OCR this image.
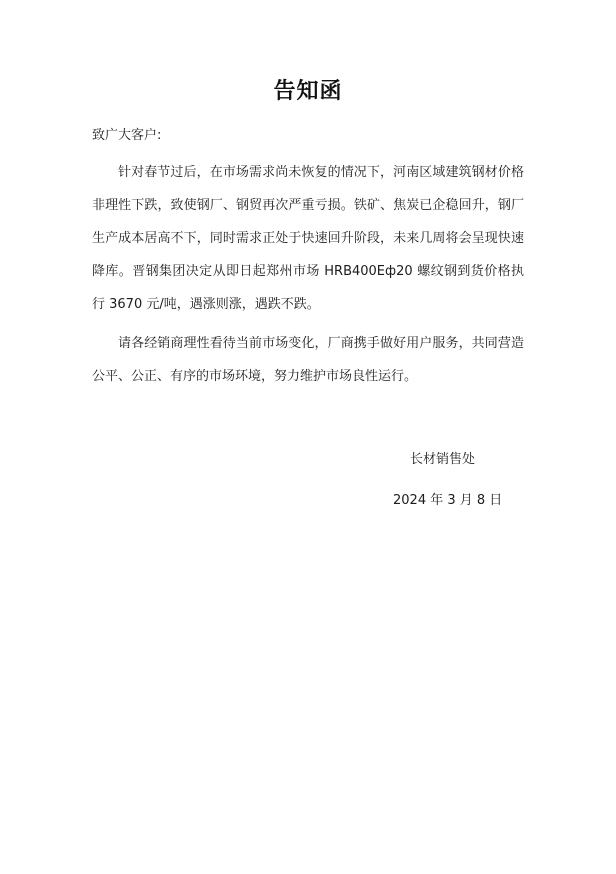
告知函
致广大客户:

针对春节过后，在市场需求尚未恢复的情况下，河南区域建筑钢材价格非理性下跌，致使钢厂、钢贸再次严重亏损。铁矿、焦炭已企稳回升，钢厂生产成本居高不下，同时需求正处于快速回升阶段，未来几周将会呈现快速降库。晋钢集团决定从即日起郑州市场 HRB400Eф20 螺纹钢到货价格执行 3670 元/吨，遇涨则涨，遇跌不跌。

请各经销商理性看待当前市场变化，厂商携手做好用户服务，共同营造公平、公正、有序的市场环境，努力维护市场良性运行。

长材销售处
2024 年 3 月 8 日
